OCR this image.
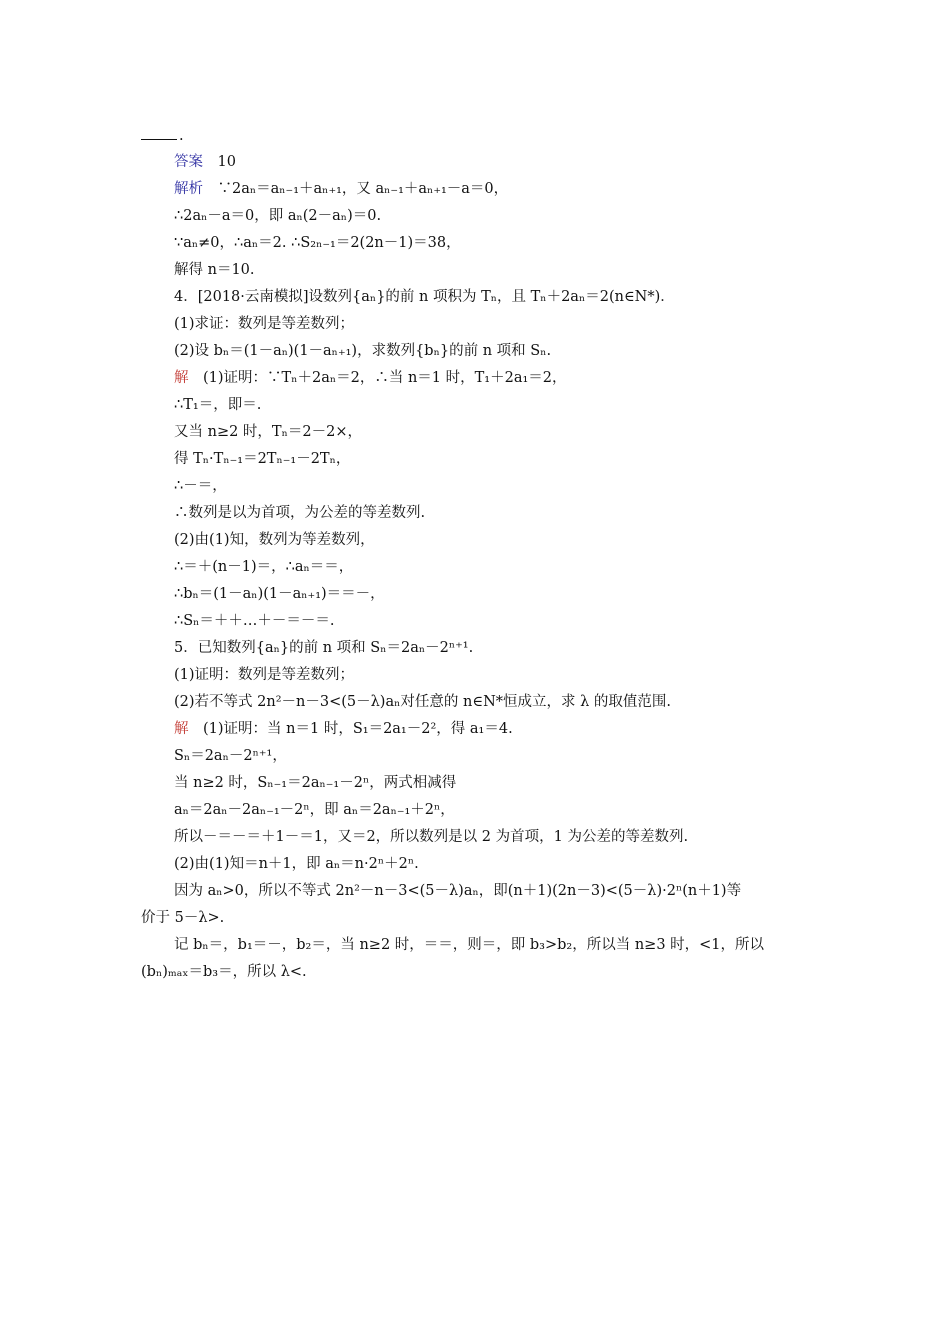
.
答案　10
解析　∵2aₙ＝aₙ₋₁＋aₙ₊₁，又 aₙ₋₁＋aₙ₊₁－a＝0，
∴2aₙ－a＝0，即 aₙ(2－aₙ)＝0.
∵aₙ≠0，∴aₙ＝2. ∴S₂ₙ₋₁＝2(2n－1)＝38，
解得 n＝10.
4．[2018·云南模拟]设数列{aₙ}的前 n 项积为 Tₙ，且 Tₙ＋2aₙ＝2(n∈N*)．
(1)求证：数列是等差数列；
(2)设 bₙ＝(1－aₙ)(1－aₙ₊₁)，求数列{bₙ}的前 n 项和 Sₙ.
解　(1)证明：∵Tₙ＋2aₙ＝2，∴当 n＝1 时，T₁＋2a₁＝2，
∴T₁＝，即＝.
又当 n≥2 时，Tₙ＝2－2×，
得 Tₙ·Tₙ₋₁＝2Tₙ₋₁－2Tₙ，
∴－＝，
∴数列是以为首项，为公差的等差数列.
(2)由(1)知，数列为等差数列，
∴＝＋(n－1)＝，∴aₙ＝＝，
∴bₙ＝(1－aₙ)(1－aₙ₊₁)＝＝－，
∴Sₙ＝＋＋…＋－＝－＝.
5．已知数列{aₙ}的前 n 项和 Sₙ＝2aₙ－2ⁿ⁺¹.
(1)证明：数列是等差数列；
(2)若不等式 2n²－n－3<(5－λ)aₙ对任意的 n∈N*恒成立，求 λ 的取值范围.
解　(1)证明：当 n＝1 时，S₁＝2a₁－2²，得 a₁＝4.
Sₙ＝2aₙ－2ⁿ⁺¹，
当 n≥2 时，Sₙ₋₁＝2aₙ₋₁－2ⁿ，两式相减得
aₙ＝2aₙ－2aₙ₋₁－2ⁿ，即 aₙ＝2aₙ₋₁＋2ⁿ，
所以－＝－＝＋1－＝1，又＝2，所以数列是以 2 为首项，1 为公差的等差数列.
(2)由(1)知＝n＋1，即 aₙ＝n·2ⁿ＋2ⁿ.
因为 aₙ>0，所以不等式 2n²－n－3<(5－λ)aₙ，即(n＋1)(2n－3)<(5－λ)·2ⁿ(n＋1)等
价于 5－λ>.
记 bₙ＝，b₁＝－，b₂＝，当 n≥2 时，＝＝，则＝，即 b₃>b₂，所以当 n≥3 时，<1，所以
(bₙ)ₘₐₓ＝b₃＝，所以 λ<.
